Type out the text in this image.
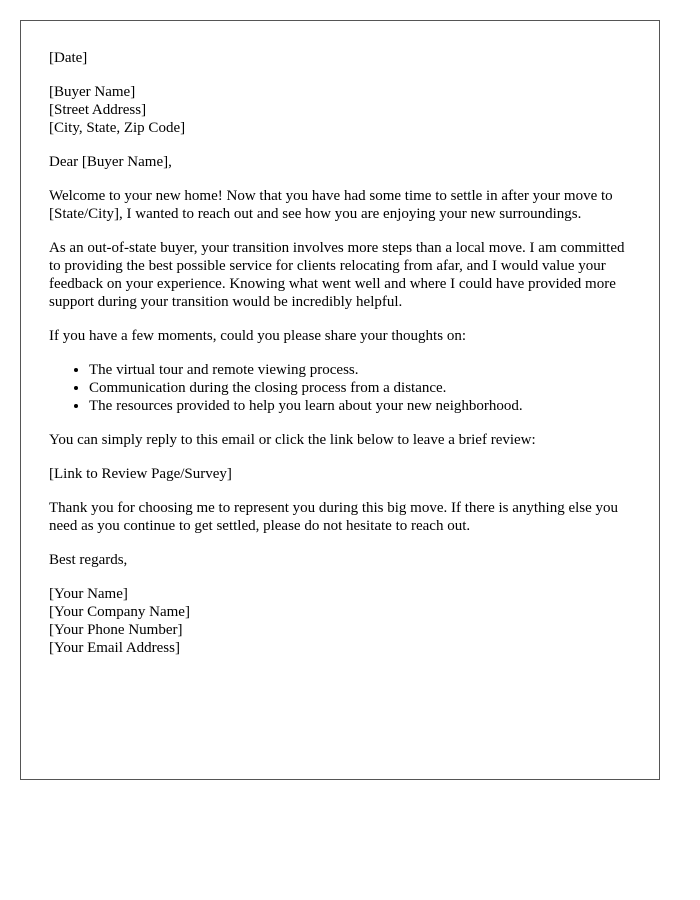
[Date]

[Buyer Name]
[Street Address]
[City, State, Zip Code]

Dear [Buyer Name],

Welcome to your new home! Now that you have had some time to settle in after your move to [State/City], I wanted to reach out and see how you are enjoying your new surroundings.

As an out-of-state buyer, your transition involves more steps than a local move. I am committed to providing the best possible service for clients relocating from afar, and I would value your feedback on your experience. Knowing what went well and where I could have provided more support during your transition would be incredibly helpful.

If you have a few moments, could you please share your thoughts on:

• The virtual tour and remote viewing process.
• Communication during the closing process from a distance.
• The resources provided to help you learn about your new neighborhood.

You can simply reply to this email or click the link below to leave a brief review:

[Link to Review Page/Survey]

Thank you for choosing me to represent you during this big move. If there is anything else you need as you continue to get settled, please do not hesitate to reach out.

Best regards,

[Your Name]
[Your Company Name]
[Your Phone Number]
[Your Email Address]
